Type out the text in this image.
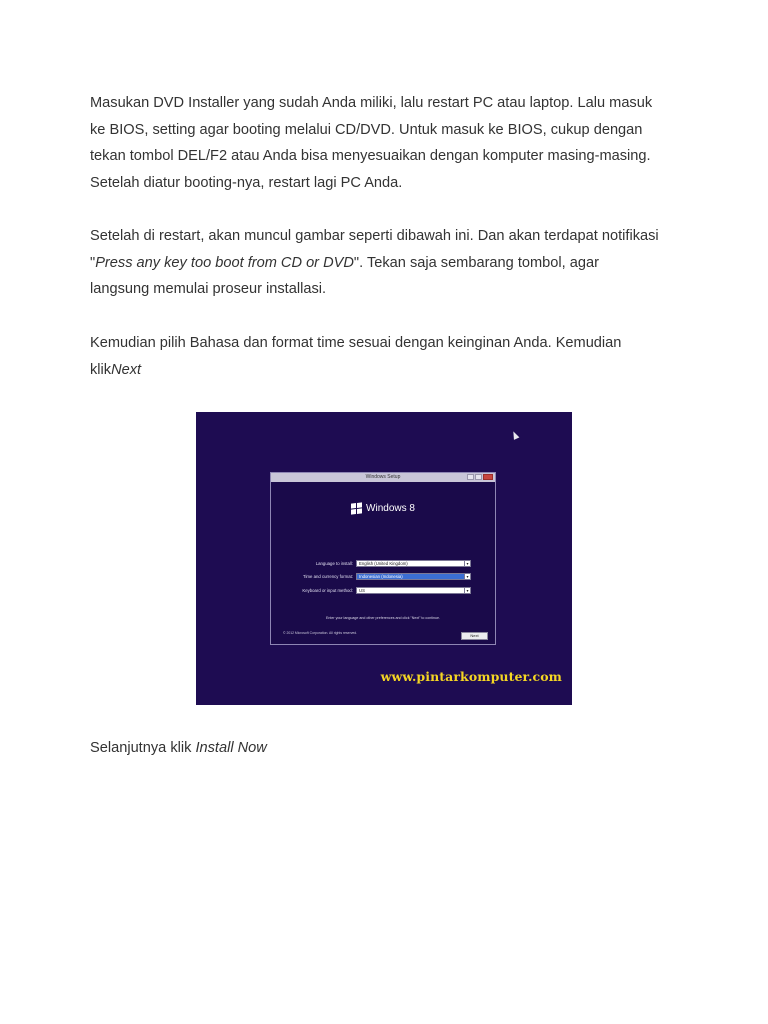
Masukan DVD Installer yang sudah Anda miliki, lalu restart PC atau laptop. Lalu masuk
ke BIOS, setting agar booting melalui CD/DVD. Untuk masuk ke BIOS, cukup dengan
tekan tombol DEL/F2 atau Anda bisa menyesuaikan dengan komputer masing-masing.
Setelah diatur booting-nya, restart lagi PC Anda.
Setelah di restart, akan muncul gambar seperti dibawah ini. Dan akan terdapat notifikasi
"Press any key too boot from CD or DVD". Tekan saja sembarang tombol, agar
langsung memulai proseur installasi.
Kemudian pilih Bahasa dan format time sesuai dengan keinginan Anda. Kemudian
klikNext
Windows Setup
Windows 8
Language to install:	English (United Kingdom)	▾
Time and currency format:	Indonesian (Indonesia)	▾
Keyboard or input method:	US	▾
Enter your language and other preferences and click "Next" to continue.
© 2012 Microsoft Corporation. All rights reserved.	Next
www.pintarkomputer.com
Selanjutnya klik Install Now
